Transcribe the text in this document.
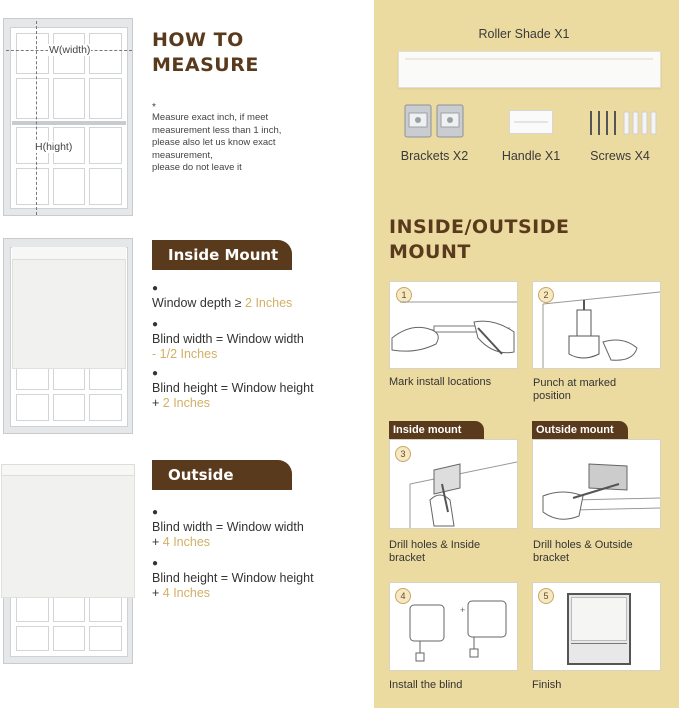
W(width)
H(hight)
HOW TO
MEASURE
*
Measure exact inch, if meet
measurement less than 1 inch,
please also let us know exact
measurement,
please do not leave it
Inside Mount
●
Window depth ≥ 2 Inches
●
Blind width = Window width
- 1/2 Inches
●
Blind height = Window height
+ 2 Inches
Outside Mount
●
Blind width = Window width
+ 4 Inches
●
Blind height = Window height
+ 4 Inches
Roller Shade X1
Brackets X2	Handle X1	Screws X4
INSIDE/OUTSIDE
MOUNT
1
Mark install locations
2
Punch at marked
position
Inside mount
3
Drill holes & Inside
bracket
Outside mount
Drill holes & Outside
bracket
4
+
Install the blind
5
Finish
